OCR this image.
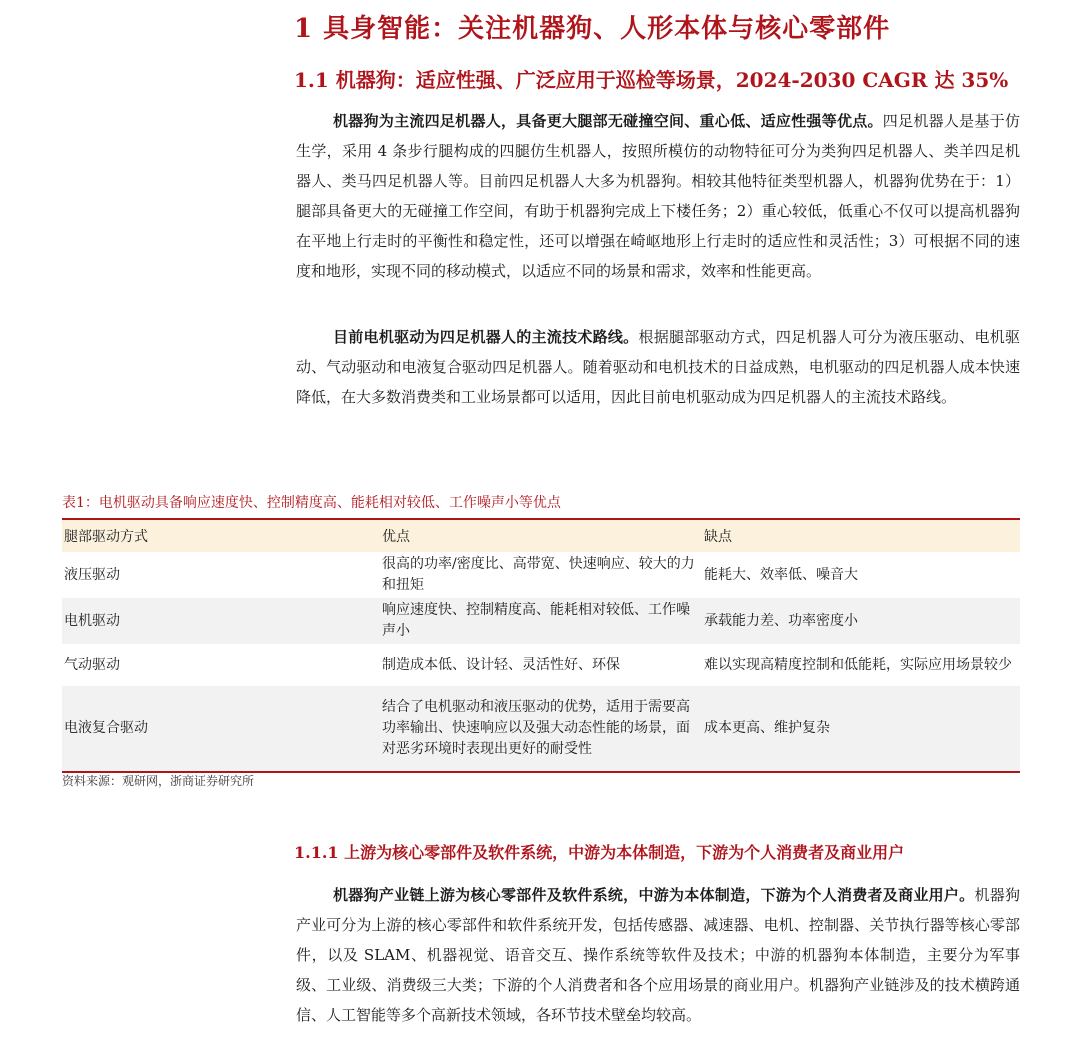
1 具身智能：关注机器狗、人形本体与核心零部件
1.1 机器狗：适应性强、广泛应用于巡检等场景，2024-2030 CAGR 达 35%

机器狗为主流四足机器人，具备更大腿部无碰撞空间、重心低、适应性强等优点。四足机器人是基于仿生学，采用 4 条步行腿构成的四腿仿生机器人，按照所模仿的动物特征可分为类狗四足机器人、类羊四足机器人、类马四足机器人等。目前四足机器人大多为机器狗。相较其他特征类型机器人，机器狗优势在于：1）腿部具备更大的无碰撞工作空间，有助于机器狗完成上下楼任务；2）重心较低，低重心不仅可以提高机器狗在平地上行走时的平衡性和稳定性，还可以增强在崎岖地形上行走时的适应性和灵活性；3）可根据不同的速度和地形，实现不同的移动模式，以适应不同的场景和需求，效率和性能更高。

目前电机驱动为四足机器人的主流技术路线。根据腿部驱动方式，四足机器人可分为液压驱动、电机驱动、气动驱动和电液复合驱动四足机器人。随着驱动和电机技术的日益成熟，电机驱动的四足机器人成本快速降低，在大多数消费类和工业场景都可以适用，因此目前电机驱动成为四足机器人的主流技术路线。

表1：电机驱动具备响应速度快、控制精度高、能耗相对较低、工作噪声小等优点

腿部驱动方式	优点	缺点
液压驱动	很高的功率/密度比、高带宽、快速响应、较大的力和扭矩	能耗大、效率低、噪音大
电机驱动	响应速度快、控制精度高、能耗相对较低、工作噪声小	承载能力差、功率密度小
气动驱动	制造成本低、设计轻、灵活性好、环保	难以实现高精度控制和低能耗，实际应用场景较少
电液复合驱动	结合了电机驱动和液压驱动的优势，适用于需要高功率输出、快速响应以及强大动态性能的场景，面对恶劣环境时表现出更好的耐受性	成本更高、维护复杂

资料来源：观研网，浙商证券研究所

1.1.1 上游为核心零部件及软件系统，中游为本体制造，下游为个人消费者及商业用户

机器狗产业链上游为核心零部件及软件系统，中游为本体制造，下游为个人消费者及商业用户。机器狗产业可分为上游的核心零部件和软件系统开发，包括传感器、减速器、电机、控制器、关节执行器等核心零部件，以及 SLAM、机器视觉、语音交互、操作系统等软件及技术；中游的机器狗本体制造，主要分为军事级、工业级、消费级三大类；下游的个人消费者和各个应用场景的商业用户。机器狗产业链涉及的技术横跨通信、人工智能等多个高新技术领域，各环节技术壁垒均较高。
